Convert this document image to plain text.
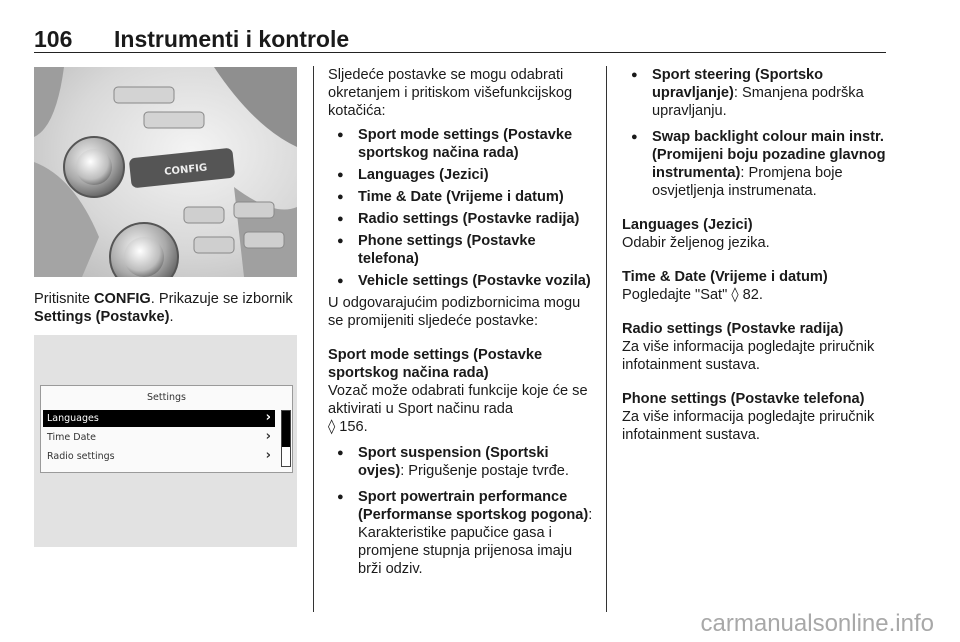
106 Instrumenti i kontrole
CONFIG
Pritisnite CONFIG. Prikazuje se izbornik Settings (Postavke).
Settings
Languages	›
Time Date	›
Radio settings	›
Sljedeće postavke se mogu odabrati okretanjem i pritiskom višefunkcijskog kotačića:
● Sport mode settings (Postavke sportskog načina rada)
● Languages (Jezici)
● Time & Date (Vrijeme i datum)
● Radio settings (Postavke radija)
● Phone settings (Postavke telefona)
● Vehicle settings (Postavke vozila)
U odgovarajućim podizbornicima mogu se promijeniti sljedeće postavke:
Sport mode settings (Postavke sportskog načina rada)
Vozač može odabrati funkcije koje će se aktivirati u Sport načinu rada
◊ 156.
● Sport suspension (Sportski ovjes): Prigušenje postaje tvrđe.
● Sport powertrain performance (Performanse sportskog pogona): Karakteristike papučice gasa i promjene stupnja prijenosa imaju brži odziv.
● Sport steering (Sportsko upravljanje): Smanjena podrška upravljanju.
● Swap backlight colour main instr. (Promijeni boju pozadine glavnog instrumenta): Promjena boje osvjetljenja instrumenata.
Languages (Jezici)
Odabir željenog jezika.
Time & Date (Vrijeme i datum)
Pogledajte "Sat" ◊ 82.
Radio settings (Postavke radija)
Za više informacija pogledajte priručnik infotainment sustava.
Phone settings (Postavke telefona)
Za više informacija pogledajte priručnik infotainment sustava.
carmanualsonline.info
